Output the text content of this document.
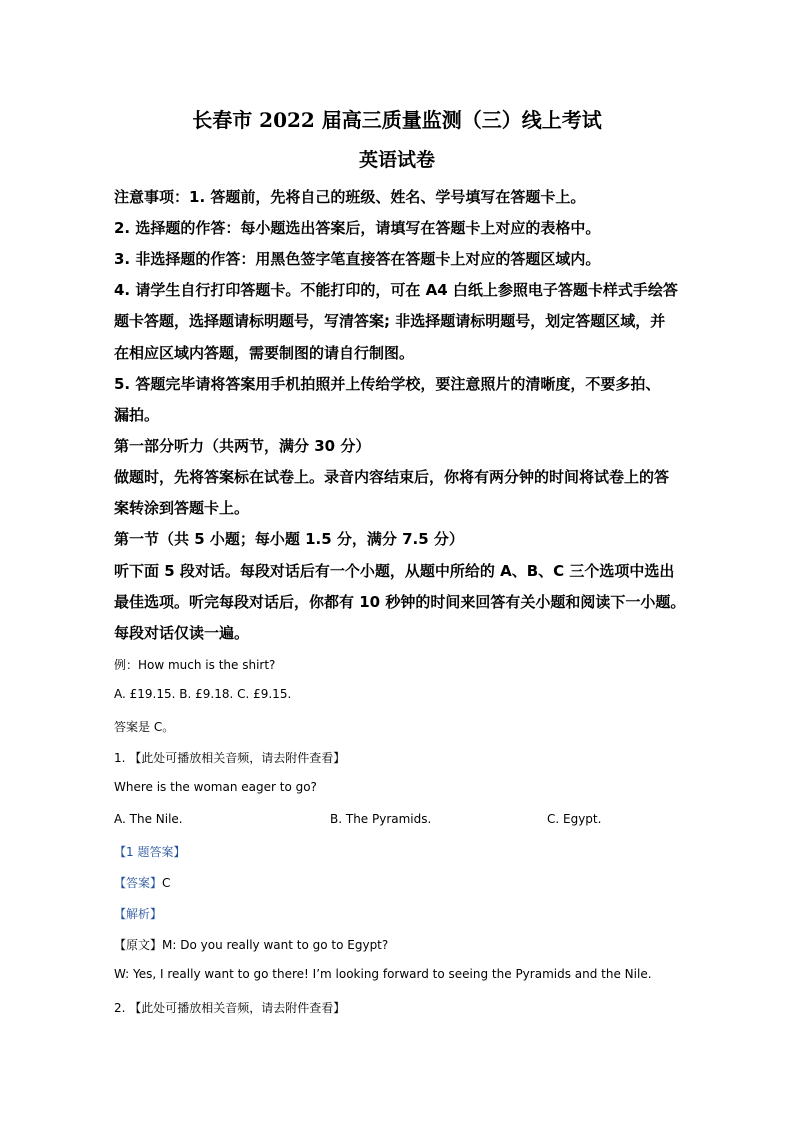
长春市 2022 届高三质量监测（三）线上考试
英语试卷
注意事项：1. 答题前，先将自己的班级、姓名、学号填写在答题卡上。
2. 选择题的作答：每小题选出答案后，请填写在答题卡上对应的表格中。
3. 非选择题的作答：用黑色签字笔直接答在答题卡上对应的答题区域内。
4. 请学生自行打印答题卡。不能打印的，可在 A4 白纸上参照电子答题卡样式手绘答
题卡答题，选择题请标明题号，写清答案; 非选择题请标明题号，划定答题区域，并
在相应区域内答题，需要制图的请自行制图。
5. 答题完毕请将答案用手机拍照并上传给学校，要注意照片的清晰度，不要多拍、
漏拍。
第一部分听力（共两节，满分 30 分）
做题时，先将答案标在试卷上。录音内容结束后，你将有两分钟的时间将试卷上的答
案转涂到答题卡上。
第一节（共 5 小题；每小题 1.5 分，满分 7.5 分）
听下面 5 段对话。每段对话后有一个小题，从题中所给的 A、B、C 三个选项中选出
最佳选项。听完每段对话后，你都有 10 秒钟的时间来回答有关小题和阅读下一小题。
每段对话仅读一遍。
例：How much is the shirt?
A. £19.15. B. £9.18. C. £9.15.
答案是 C。
1. 【此处可播放相关音频，请去附件查看】
Where is the woman eager to go?
A. The Nile.	B. The Pyramids.	C. Egypt.
【1 题答案】
【答案】C
【解析】
【原文】M: Do you really want to go to Egypt?
W: Yes, I really want to go there! I’m looking forward to seeing the Pyramids and the Nile.
2. 【此处可播放相关音频，请去附件查看】
